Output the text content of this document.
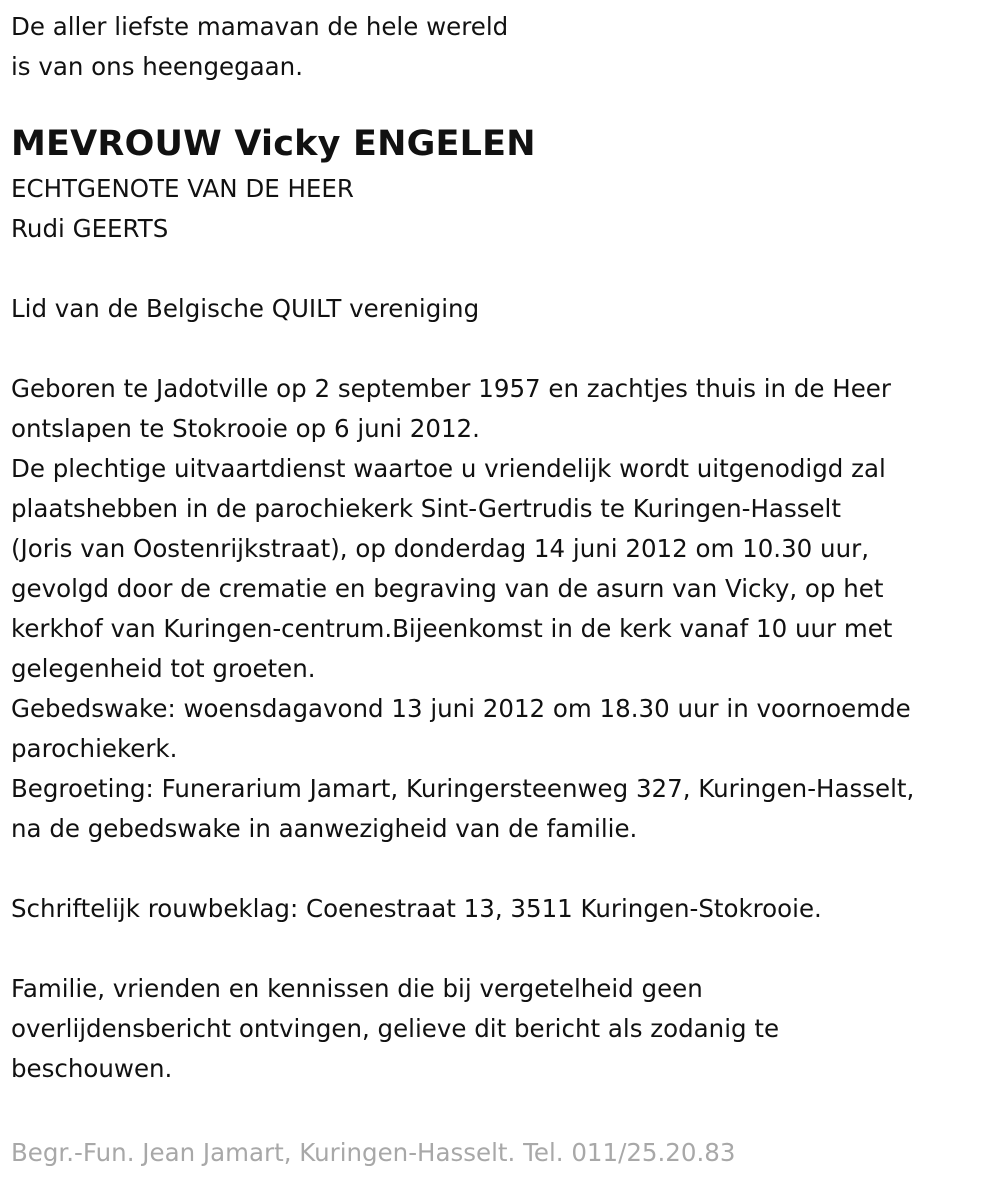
De aller liefste mamavan de hele wereld

is van ons heengegaan.

MEVROUW Vicky ENGELEN

ECHTGENOTE VAN DE HEER

Rudi GEERTS

Lid van de Belgische QUILT vereniging

Geboren te Jadotville op 2 september 1957 en zachtjes thuis in de Heer

ontslapen te Stokrooie op 6 juni 2012.

De plechtige uitvaartdienst waartoe u vriendelijk wordt uitgenodigd zal

plaatshebben in de parochiekerk Sint-Gertrudis te Kuringen-Hasselt

(Joris van Oostenrijkstraat), op donderdag 14 juni 2012 om 10.30 uur,

gevolgd door de crematie en begraving van de asurn van Vicky, op het

kerkhof van Kuringen-centrum.Bijeenkomst in de kerk vanaf 10 uur met

gelegenheid tot groeten.

Gebedswake: woensdagavond 13 juni 2012 om 18.30 uur in voornoemde

parochiekerk.

Begroeting: Funerarium Jamart, Kuringersteenweg 327, Kuringen-Hasselt,

na de gebedswake in aanwezigheid van de familie.

Schriftelijk rouwbeklag: Coenestraat 13, 3511 Kuringen-Stokrooie.

Familie, vrienden en kennissen die bij vergetelheid geen

overlijdensbericht ontvingen, gelieve dit bericht als zodanig te

beschouwen.

Begr.-Fun. Jean Jamart, Kuringen-Hasselt. Tel. 011/25.20.83
